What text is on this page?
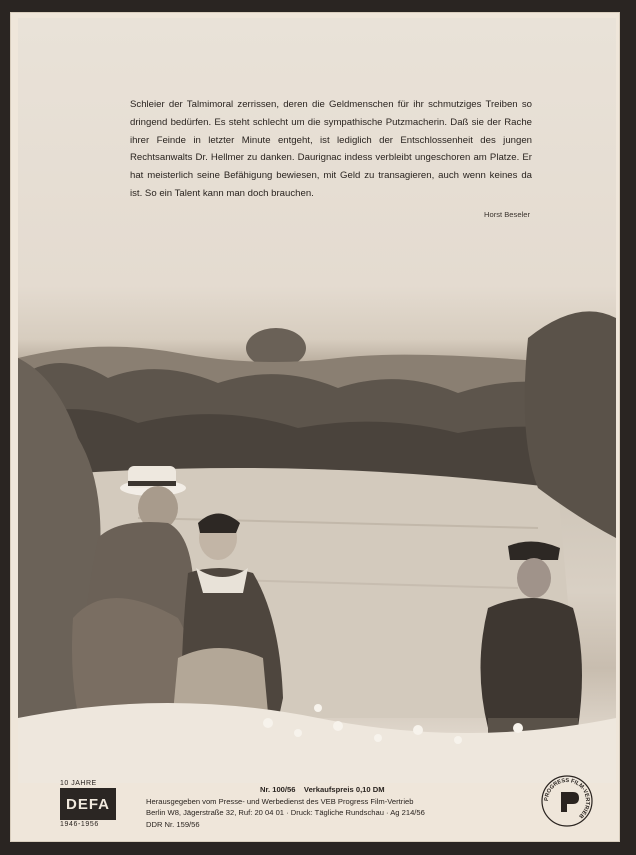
Schleier der Talmimoral zerrissen, deren die Geldmenschen für ihr schmutziges Treiben so dringend bedürfen. Es steht schlecht um die sympathische Putzmacherin. Daß sie der Rache ihrer Feinde in letzter Minute entgeht, ist lediglich der Entschlossenheit des jungen Rechtsanwalts Dr. Hellmer zu danken. Daurignac indess verbleibt ungeschoren am Platze. Er hat meisterlich seine Befähigung bewiesen, mit Geld zu transagieren, auch wenn keines da ist. So ein Talent kann man doch brauchen.

Horst Beseler
10 JAHRE
DEFA
1946-1956
Nr. 100/56 Verkaufspreis 0,10 DM
Herausgegeben vom Presse- und Werbedienst des VEB Progress Film-Vertrieb
Berlin W8, Jägerstraße 32, Ruf: 20 04 01 · Druck: Tägliche Rundschau · Ag 214/56
DDR Nr. 159/56
PROGRESS FILM-VERTRIEB
